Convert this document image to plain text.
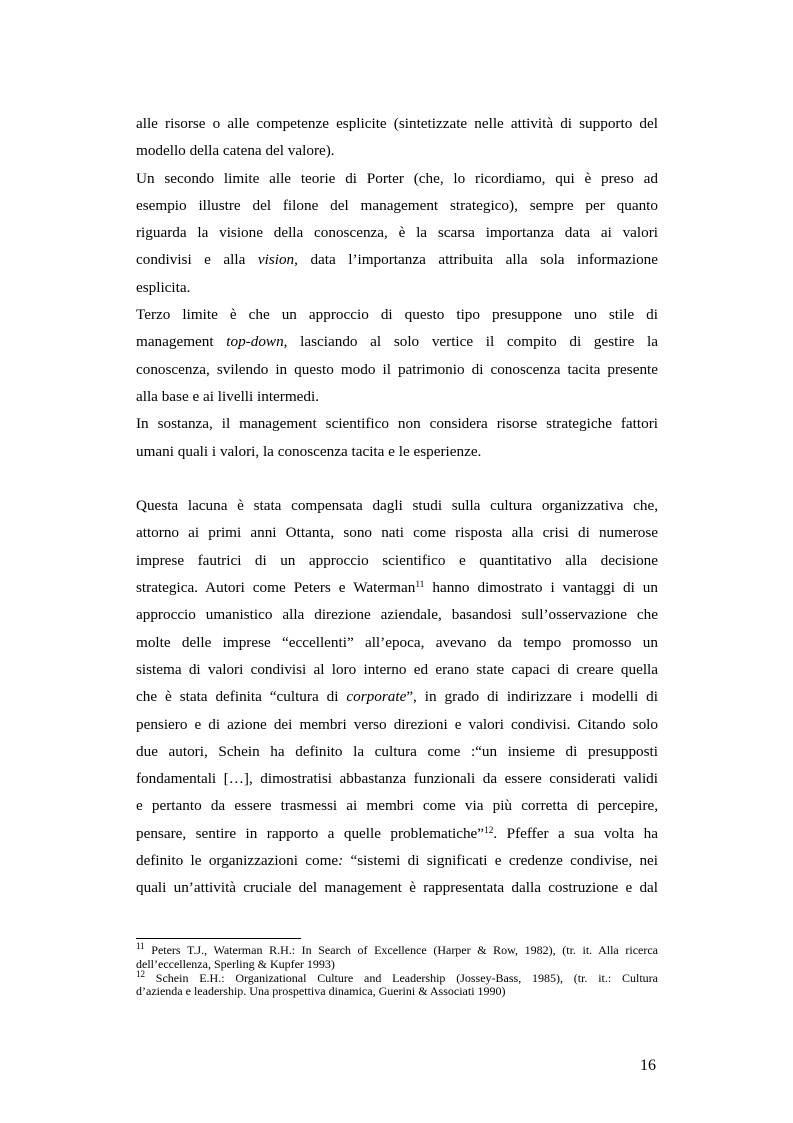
alle risorse o alle competenze esplicite (sintetizzate nelle attività di supporto del
modello della catena del valore).
Un secondo limite alle teorie di Porter (che, lo ricordiamo, qui è preso ad
esempio illustre del filone del management strategico), sempre per quanto
riguarda la visione della conoscenza, è la scarsa importanza data ai valori
condivisi e alla vision, data l’importanza attribuita alla sola informazione
esplicita.
Terzo limite è che un approccio di questo tipo presuppone uno stile di
management top-down, lasciando al solo vertice il compito di gestire la
conoscenza, svilendo in questo modo il patrimonio di conoscenza tacita presente
alla base e ai livelli intermedi.
In sostanza, il management scientifico non considera risorse strategiche fattori
umani quali i valori, la conoscenza tacita e le esperienze.
Questa lacuna è stata compensata dagli studi sulla cultura organizzativa che,
attorno ai primi anni Ottanta, sono nati come risposta alla crisi di numerose
imprese fautrici di un approccio scientifico e quantitativo alla decisione
strategica. Autori come Peters e Waterman$^{11}$ hanno dimostrato i vantaggi di un
approccio umanistico alla direzione aziendale, basandosi sull’osservazione che
molte delle imprese “eccellenti” all’epoca, avevano da tempo promosso un
sistema di valori condivisi al loro interno ed erano state capaci di creare quella
che è stata definita “cultura di corporate”, in grado di indirizzare i modelli di
pensiero e di azione dei membri verso direzioni e valori condivisi. Citando solo
due autori, Schein ha definito la cultura come :“un insieme di presupposti
fondamentali […], dimostratisi abbastanza funzionali da essere considerati validi
e pertanto da essere trasmessi ai membri come via più corretta di percepire,
pensare, sentire in rapporto a quelle problematiche”$^{12}$. Pfeffer a sua volta ha
definito le organizzazioni come: “sistemi di significati e credenze condivise, nei
quali un’attività cruciale del management è rappresentata dalla costruzione e dal
$^{11}$ Peters T.J., Waterman R.H.: In Search of Excellence (Harper & Row, 1982), (tr. it. Alla ricerca
dell’eccellenza, Sperling & Kupfer 1993)
$^{12}$ Schein E.H.: Organizational Culture and Leadership (Jossey-Bass, 1985), (tr. it.: Cultura
d’azienda e leadership. Una prospettiva dinamica, Guerini & Associati 1990)
16
